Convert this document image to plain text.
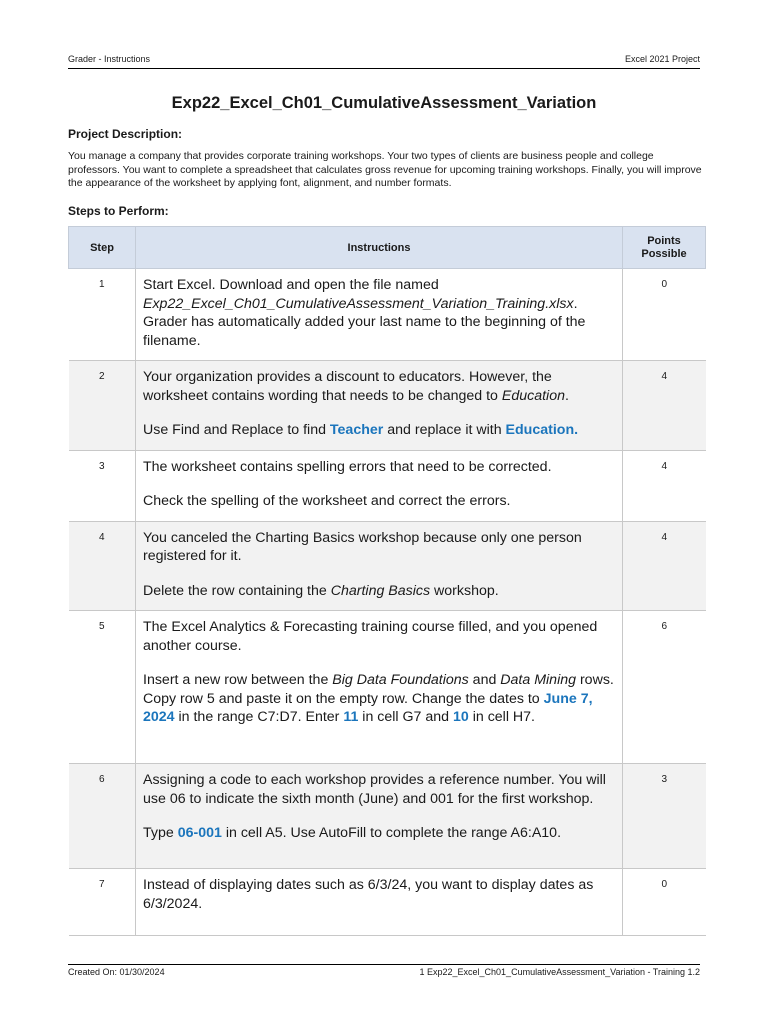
Grader - Instructions	Excel 2021 Project
Exp22_Excel_Ch01_CumulativeAssessment_Variation
Project Description:
You manage a company that provides corporate training workshops. Your two types of clients are business people and college professors. You want to complete a spreadsheet that calculates gross revenue for upcoming training workshops. Finally, you will improve the appearance of the worksheet by applying font, alignment, and number formats.
Steps to Perform:
Step	Instructions	Points
Possible
1	Start Excel. Download and open the file named Exp22_Excel_Ch01_CumulativeAssessment_Variation_Training.xlsx. Grader has automatically added your last name to the beginning of the filename.	0
2	Your organization provides a discount to educators. However, the worksheet contains wording that needs to be changed to Education.

Use Find and Replace to find Teacher and replace it with Education.	4
3	The worksheet contains spelling errors that need to be corrected.

Check the spelling of the worksheet and correct the errors.	4
4	You canceled the Charting Basics workshop because only one person registered for it.

Delete the row containing the Charting Basics workshop.	4
5	The Excel Analytics & Forecasting training course filled, and you opened another course.

Insert a new row between the Big Data Foundations and Data Mining rows. Copy row 5 and paste it on the empty row. Change the dates to June 7, 2024 in the range C7:D7. Enter 11 in cell G7 and 10 in cell H7.	6
6	Assigning a code to each workshop provides a reference number. You will use 06 to indicate the sixth month (June) and 001 for the first workshop.

Type 06-001 in cell A5. Use AutoFill to complete the range A6:A10.	3
7	Instead of displaying dates such as 6/3/24, you want to display dates as 6/3/2024.	0
Created On: 01/30/2024	1 Exp22_Excel_Ch01_CumulativeAssessment_Variation - Training 1.2
